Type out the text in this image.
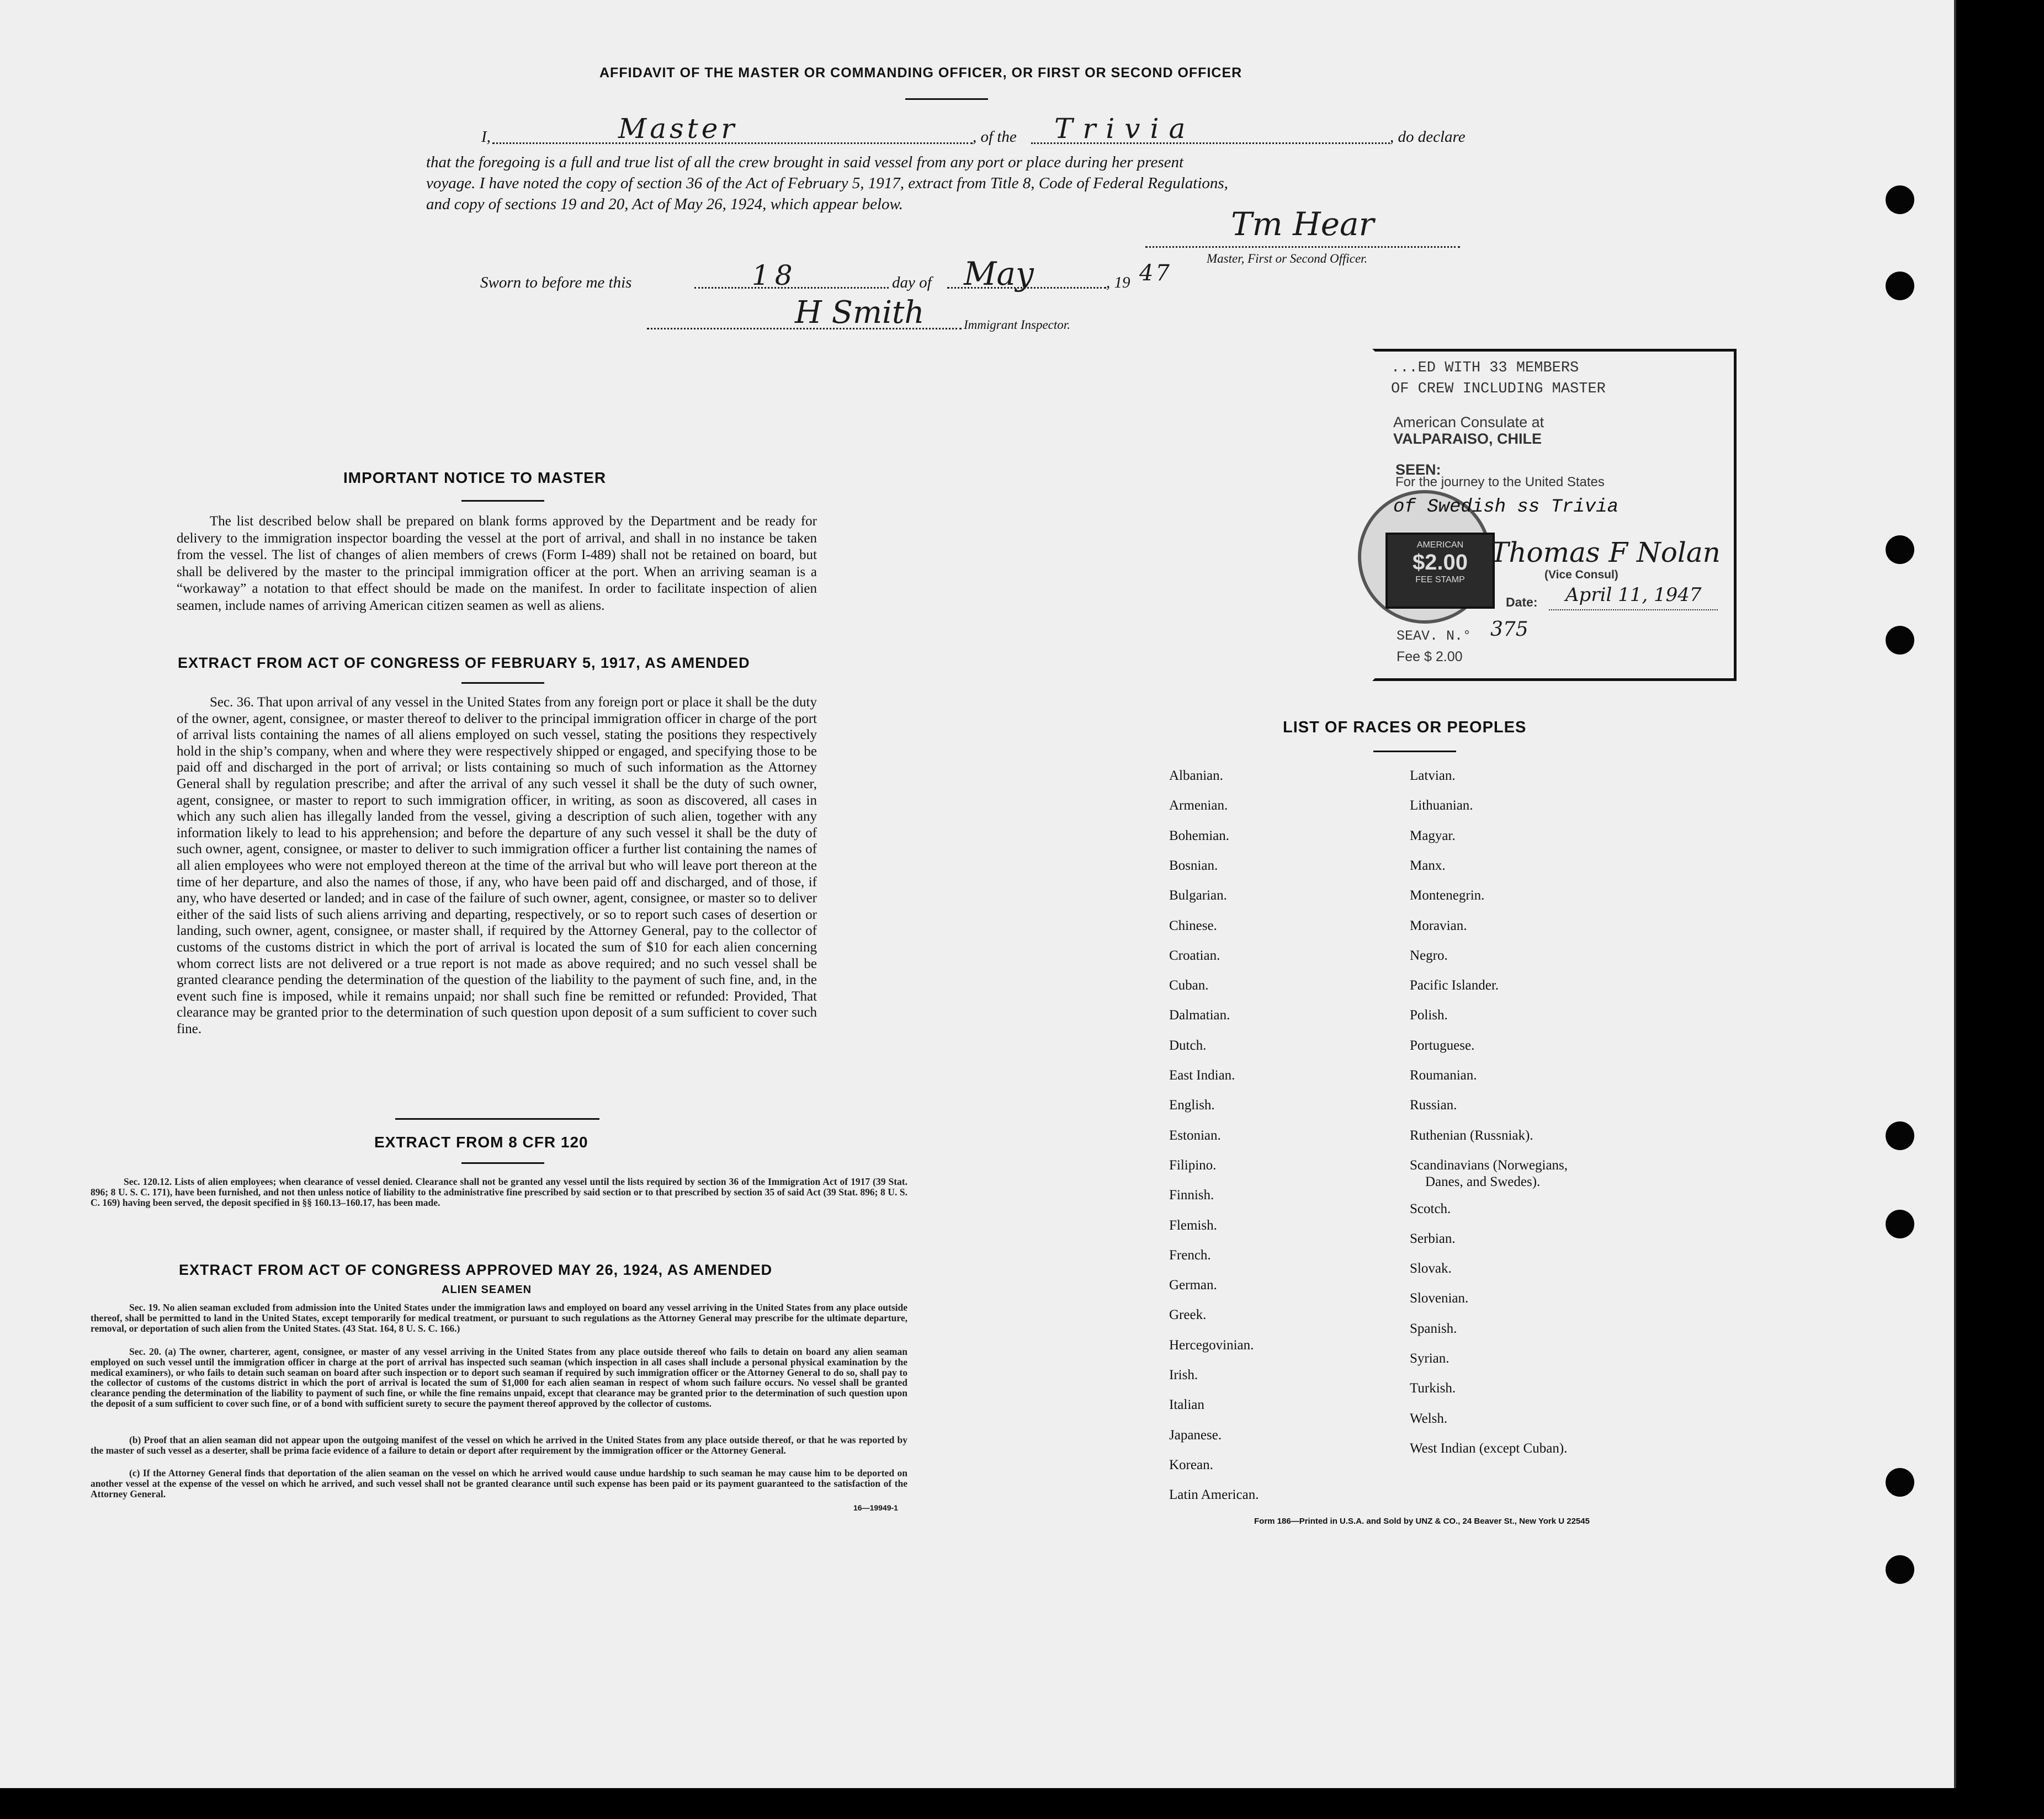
AFFIDAVIT OF THE MASTER OR COMMANDING OFFICER, OR FIRST OR SECOND OFFICER
I,	Master	, of the Trivia	, do declare
that the foregoing is a full and true list of all the crew brought in said vessel from any port or place during her present
voyage. I have noted the copy of section 36 of the Act of February 5, 1917, extract from Title 8, Code of Federal Regulations,
and copy of sections 19 and 20, Act of May 26, 1924, which appear below.
Tm Hear
Master, First or Second Officer.
Sworn to before me this	18	day of May	, 19 47
H Smith	Immigrant Inspector.
IMPORTANT NOTICE TO MASTER
The list described below shall be prepared on blank forms approved by the Department and be ready for delivery to the immigration inspector boarding the vessel at the port of arrival, and shall in no instance be taken from the vessel. The list of changes of alien members of crews (Form I-489) shall not be retained on board, but shall be delivered by the master to the principal immigration officer at the port. When an arriving seaman is a “workaway” a notation to that effect should be made on the manifest. In order to facilitate inspection of alien seamen, include names of arriving American citizen seamen as well as aliens.
EXTRACT FROM ACT OF CONGRESS OF FEBRUARY 5, 1917, AS AMENDED
Sec. 36. That upon arrival of any vessel in the United States from any foreign port or place it shall be the duty of the owner, agent, consignee, or master thereof to deliver to the principal immigration officer in charge of the port of arrival lists containing the names of all aliens employed on such vessel, stating the positions they respectively hold in the ship’s company, when and where they were respectively shipped or engaged, and specifying those to be paid off and discharged in the port of arrival; or lists containing so much of such information as the Attorney General shall by regulation prescribe; and after the arrival of any such vessel it shall be the duty of such owner, agent, consignee, or master to report to such immigration officer, in writing, as soon as discovered, all cases in which any such alien has illegally landed from the vessel, giving a description of such alien, together with any information likely to lead to his apprehension; and before the departure of any such vessel it shall be the duty of such owner, agent, consignee, or master to deliver to such immigration officer a further list containing the names of all alien employees who were not employed thereon at the time of the arrival but who will leave port thereon at the time of her departure, and also the names of those, if any, who have been paid off and discharged, and of those, if any, who have deserted or landed; and in case of the failure of such owner, agent, consignee, or master so to deliver either of the said lists of such aliens arriving and departing, respectively, or so to report such cases of desertion or landing, such owner, agent, consignee, or master shall, if required by the Attorney General, pay to the collector of customs of the customs district in which the port of arrival is located the sum of $10 for each alien concerning whom correct lists are not delivered or a true report is not made as above required; and no such vessel shall be granted clearance pending the determination of the question of the liability to the payment of such fine, and, in the event such fine is imposed, while it remains unpaid; nor shall such fine be remitted or refunded: Provided, That clearance may be granted prior to the determination of such question upon deposit of a sum sufficient to cover such fine.
EXTRACT FROM 8 CFR 120
Sec. 120.12. Lists of alien employees; when clearance of vessel denied. Clearance shall not be granted any vessel until the lists required by section 36 of the Immigration Act of 1917 (39 Stat. 896; 8 U. S. C. 171), have been furnished, and not then unless notice of liability to the administrative fine prescribed by said section or to that prescribed by section 35 of said Act (39 Stat. 896; 8 U. S. C. 169) having been served, the deposit specified in §§ 160.13–160.17, has been made.
EXTRACT FROM ACT OF CONGRESS APPROVED MAY 26, 1924, AS AMENDED
ALIEN SEAMEN
Sec. 19. No alien seaman excluded from admission into the United States under the immigration laws and employed on board any vessel arriving in the United States from any place outside thereof, shall be permitted to land in the United States, except temporarily for medical treatment, or pursuant to such regulations as the Attorney General may prescribe for the ultimate departure, removal, or deportation of such alien from the United States. (43 Stat. 164, 8 U. S. C. 166.)
Sec. 20. (a) The owner, charterer, agent, consignee, or master of any vessel arriving in the United States from any place outside thereof who fails to detain on board any alien seaman employed on such vessel until the immigration officer in charge at the port of arrival has inspected such seaman (which inspection in all cases shall include a personal physical examination by the medical examiners), or who fails to detain such seaman on board after such inspection or to deport such seaman if required by such immigration officer or the Attorney General to do so, shall pay to the collector of customs of the customs district in which the port of arrival is located the sum of $1,000 for each alien seaman in respect of whom such failure occurs. No vessel shall be granted clearance pending the determination of the liability to payment of such fine, or while the fine remains unpaid, except that clearance may be granted prior to the determination of such question upon the deposit of a sum sufficient to cover such fine, or of a bond with sufficient surety to secure the payment thereof approved by the collector of customs.
(b) Proof that an alien seaman did not appear upon the outgoing manifest of the vessel on which he arrived in the United States from any place outside thereof, or that he was reported by the master of such vessel as a deserter, shall be prima facie evidence of a failure to detain or deport after requirement by the immigration officer or the Attorney General.
(c) If the Attorney General finds that deportation of the alien seaman on the vessel on which he arrived would cause undue hardship to such seaman he may cause him to be deported on another vessel at the expense of the vessel on which he arrived, and such vessel shall not be granted clearance until such expense has been paid or its payment guaranteed to the satisfaction of the Attorney General.
16—19949-1
...ED WITH 33 MEMBERS
OF CREW INCLUDING MASTER
American Consulate at
VALPARAISO, CHILE
SEEN:
For the journey to the United States
of Swedish ss Trivia
AMERICAN
$2.00
FEE STAMP
Thomas F Nolan
(Vice Consul)
Date: April 11, 1947
SEAV. N.° 375
Fee $ 2.00
LIST OF RACES OR PEOPLES
Form 186—Printed in U.S.A. and Sold by UNZ & CO., 24 Beaver St., New York U 22545
Albanian.
Armenian.
Bohemian.
Bosnian.
Bulgarian.
Chinese.
Croatian.
Cuban.
Dalmatian.
Dutch.
East Indian.
English.
Estonian.
Filipino.
Finnish.
Flemish.
French.
German.
Greek.
Hercegovinian.
Irish.
Italian
Japanese.
Korean.
Latin American.
Latvian.
Lithuanian.
Magyar.
Manx.
Montenegrin.
Moravian.
Negro.
Pacific Islander.
Polish.
Portuguese.
Roumanian.
Russian.
Ruthenian (Russniak).
Scandinavians (Norwegians,
Danes, and Swedes).
Scotch.
Serbian.
Slovak.
Slovenian.
Spanish.
Syrian.
Turkish.
Welsh.
West Indian (except Cuban).
